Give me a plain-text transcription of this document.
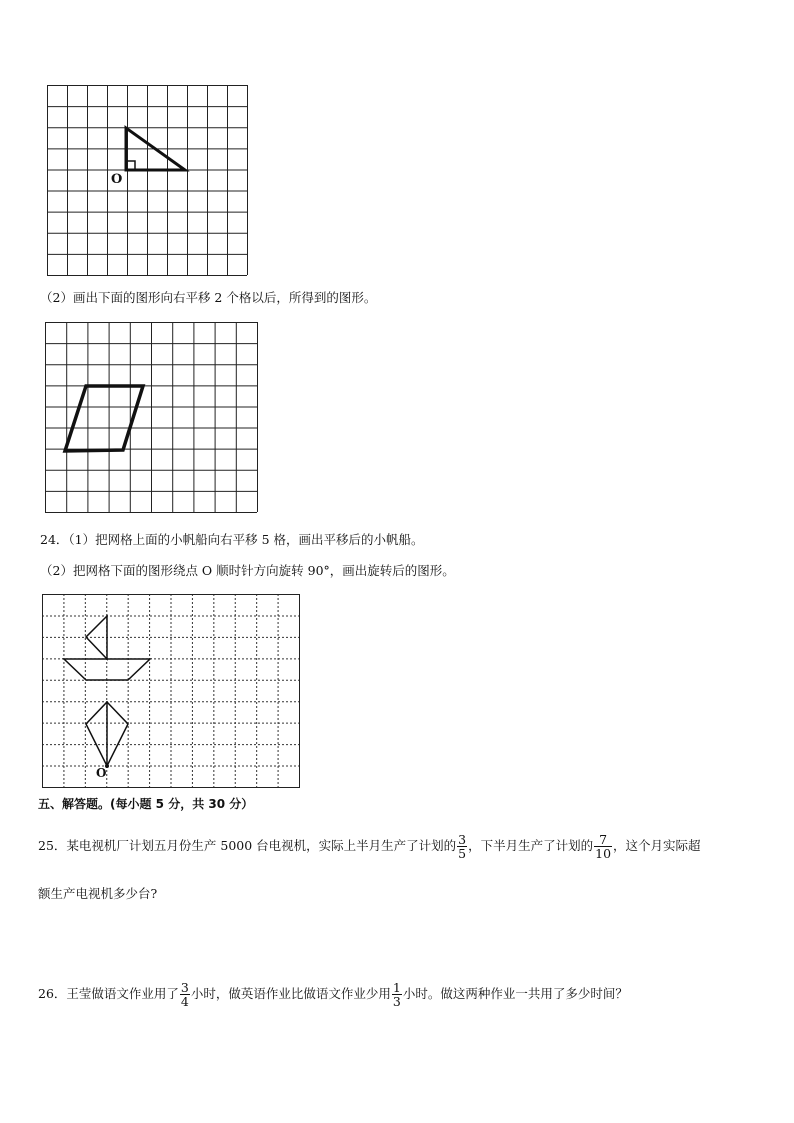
O
（2）画出下面的图形向右平移 2 个格以后，所得到的图形。
24．（1）把网格上面的小帆船向右平移 5 格，画出平移后的小帆船。
（2）把网格下面的图形绕点 O 顺时针方向旋转 90°，画出旋转后的图形。
O
五、解答题。(每小题 5 分，共 30 分）
25．某电视机厂计划五月份生产 5000 台电视机，实际上半月生产了计划的 $\frac{3}{5}$ ，下半月生产了计划的 $\frac{7}{10}$ ，这个月实际超
额生产电视机多少台?
26．王莹做语文作业用了 $\frac{3}{4}$ 小时，做英语作业比做语文作业少用 $\frac{1}{3}$ 小时。做这两种作业一共用了多少时间？
